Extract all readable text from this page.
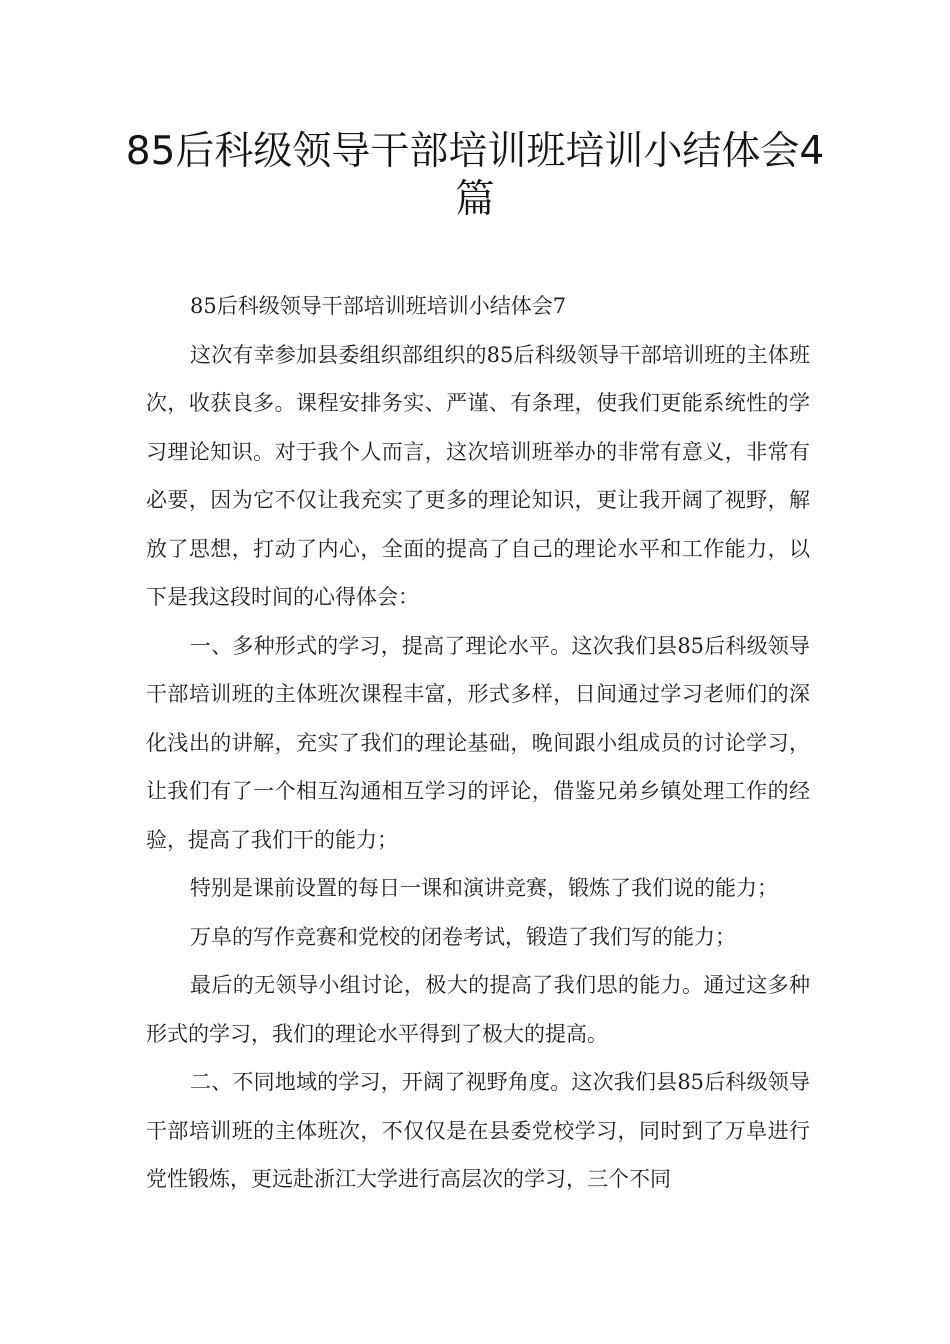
85后科级领导干部培训班培训小结体会4篇

85后科级领导干部培训班培训小结体会7

这次有幸参加县委组织部组织的85后科级领导干部培训班的主体班次，收获良多。课程安排务实、严谨、有条理，使我们更能系统性的学习理论知识。对于我个人而言，这次培训班举办的非常有意义，非常有必要，因为它不仅让我充实了更多的理论知识，更让我开阔了视野，解放了思想，打动了内心，全面的提高了自己的理论水平和工作能力，以下是我这段时间的心得体会：

一、多种形式的学习，提高了理论水平。这次我们县85后科级领导干部培训班的主体班次课程丰富，形式多样，日间通过学习老师们的深化浅出的讲解，充实了我们的理论基础，晚间跟小组成员的讨论学习，让我们有了一个相互沟通相互学习的评论，借鉴兄弟乡镇处理工作的经验，提高了我们干的能力；

特别是课前设置的每日一课和演讲竞赛，锻炼了我们说的能力；

万阜的写作竞赛和党校的闭卷考试，锻造了我们写的能力；

最后的无领导小组讨论，极大的提高了我们思的能力。通过这多种形式的学习，我们的理论水平得到了极大的提高。

二、不同地域的学习，开阔了视野角度。这次我们县85后科级领导干部培训班的主体班次，不仅仅是在县委党校学习，同时到了万阜进行党性锻炼，更远赴浙江大学进行高层次的学习，三个不同
